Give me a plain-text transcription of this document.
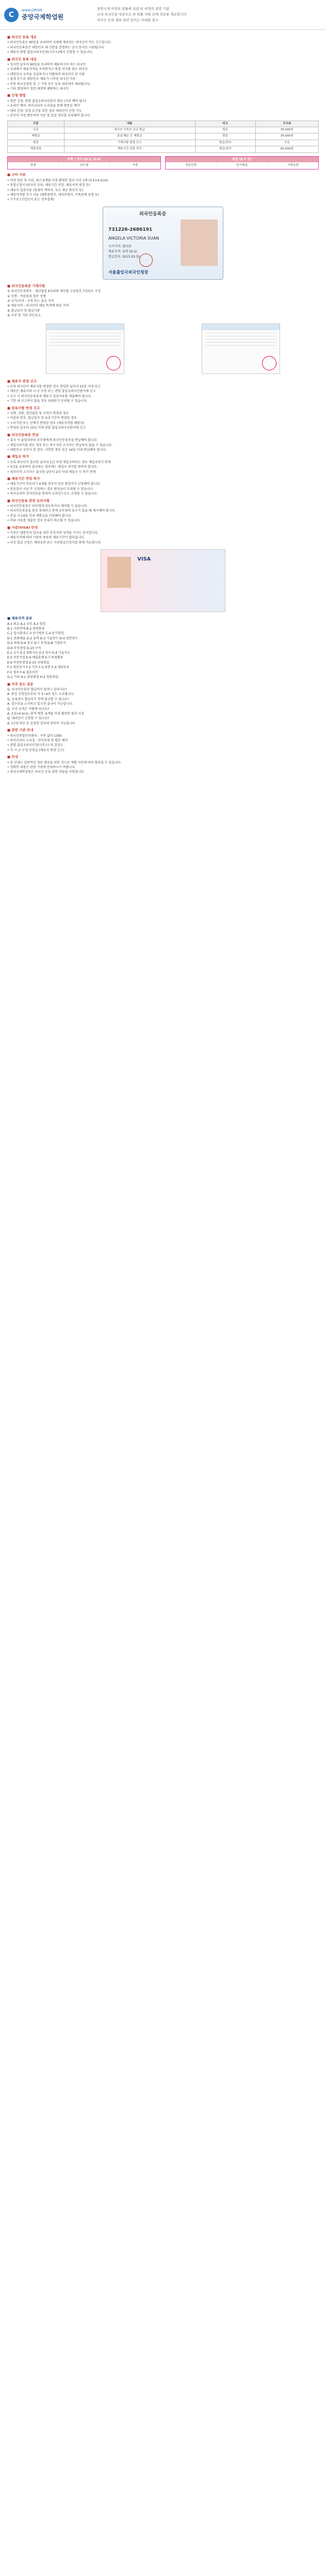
C
www.ORGN
중앙국제학업원
중앙국제 비영리 법률에 설립 된 비영리 중앙 기관
국내 외국인을 대상으로 한 법률 지원 단체 정보를 제공합니다
외국인 등록 체류 관련 문의는 아래를 참고
■ 외국인 등록 개요

• 외국인등록은 90일을 초과하여 국내에 체류하는 외국인이 하는 신고입니다.

• 외국인등록증은 대한민국 내 신분을 증명하는 공식 문서로 사용됩니다.

• 체류지 관할 출입국외국인청(사무소)에서 신청할 수 있습니다.

■ 외국인 등록 대상

• 입국한 날부터 90일을 초과하여 체류하고자 하는 외국인

• 국내에서 체류자격을 부여받거나 변경 허가를 받은 외국인

• 대한민국 국적을 상실하거나 이탈하여 외국인이 된 사람

• 출생 등으로 대한민국 체류가 시작된 외국인 아동

• 주한 외국공관원 및 그 가족 등은 등록 대상에서 제외됩니다.

• 기타 법령에서 정한 대상에 해당하는 외국인

■ 신청 방법

• 방문 신청: 관할 출입국외국인관서 방문 (사전 예약 필수)

• 온라인 예약: 하이코리아 누리집을 통해 방문일 예약

• 대리 신청: 일정 요건을 갖춘 경우 대리인이 신청 가능

• 본인이 직접 방문하여 지문 및 얼굴 정보를 등록해야 합니다.

구분	내용	비고	수수료
신규	외국인 등록증 신규 발급	방문	35,000원
재발급	분실·훼손 등 재발급	방문	35,000원
변경	기재사항 변경 신고	방문/전자	무료
체류연장	체류기간 연장 허가	방문/전자	60,000원
유학 / 연수 (D-2, D-4)
학생	연수생	가족
취업 (E-7 등)
전문인력	단기취업	가족동반
■ 구비 서류

• 여권 원본 및 사본, 최근 6개월 이내 촬영한 컬러 사진 1매 (3.5×4.5cm)

• 통합신청서 (외국인 등록, 체류기간 연장, 체류자격 변경 등)

• 체류지 입증서류 (임대차 계약서, 숙소 제공 확인서 등)

• 체류자격별 추가 서류 (재학증명서, 재직증명서, 가족관계 증명 등)

• 수수료 (수입인지 또는 전자결제)

외국인등록증
731226-2686191
ANGELA VICTORIA SUAN
국가지역: 필리핀
체류자격: 유학 (D-2)
발급일자: 2015.03.31
서울출입국외국인청장
■ 외국인등록증 기재사항

① 외국인등록번호 : 생년월일 6자리와 개인별 고유번호 7자리로 구성

② 성명 : 여권상의 영문 성명

③ 국가/지역 : 국적 또는 출신 지역

④ 체류자격 : 외국인의 체류 목적에 따른 자격

⑤ 발급일자 및 발급기관

⑥ 사진 및 기타 보안요소

■ 체류지 변경 신고

• 등록 외국인이 체류지를 변경한 경우 전입한 날부터 15일 이내 신고

• 새로운 체류지의 시·군·구청 또는 관할 출입국외국인관서에 신고

• 신고 시 외국인등록증과 체류지 입증서류를 제출해야 합니다.

• 기한 내 신고하지 않을 경우 과태료가 부과될 수 있습니다.

■ 등록사항 변경 신고

• 성명, 성별, 생년월일 및 국적이 변경된 경우

• 여권의 번호, 발급일자 및 유효기간이 변경된 경우

• 소속기관 또는 단체가 변경된 경우 (체류자격별 해당자)

• 변경된 날부터 15일 이내 관할 출입국외국인관서에 신고

■ 외국인등록증 반납

• 출국 시 출입국관리 공무원에게 외국인등록증을 반납해야 합니다.

• 재입국허가를 받은 경우 또는 복수사증 소지자는 반납하지 않을 수 있습니다.

• 대한민국 국민이 된 경우, 사망한 경우 등은 14일 이내 반납해야 합니다.

■ 재입국 허가

• 등록 외국인이 출국한 날부터 1년 이내 재입국하려는 경우 재입국허가 면제

• 1년을 초과하여 출국하는 경우에는 재입국 허가를 받아야 합니다.

• 영주자격 소지자는 출국한 날부터 2년 이내 재입국 시 허가 면제

■ 체류기간 연장 허가

• 체류기간이 만료되기 4개월 전부터 만료 당일까지 신청해야 합니다.

• 만료일이 지난 후 신청하는 경우 범칙금이 부과될 수 있습니다.

• 하이코리아 전자민원을 통하여 온라인으로도 신청할 수 있습니다.

■ 외국인등록 관련 유의사항

• 외국인등록증은 타인에게 양도하거나 대여할 수 없습니다.

• 외국인등록증을 항상 휴대하고 관계 공무원의 요구가 있을 때 제시해야 합니다.

• 분실 시 14일 이내 재발급을 신청해야 합니다.

• 허위 서류를 제출한 경우 등록이 취소될 수 있습니다.

■ 사증(VISA) 안내

• 사증은 대한민국 입국을 위한 추천서의 성격을 가지는 문서입니다.

• 체류자격에 따라 사증의 종류와 체류기간이 달라집니다.

• 사증 발급 신청은 재외공관 또는 사증발급인정서를 통해 가능합니다.

VISA
■ 체류자격 종류

A-1 외교 A-2 공무 A-3 협정

B-1 사증면제 B-2 관광통과

C-1 일시취재 C-3 단기방문 C-4 단기취업

D-1 문화예술 D-2 유학 D-3 기술연수 D-4 일반연수

D-5 취재 D-6 종교 D-7 주재 D-8 기업투자

D-9 무역경영 D-10 구직

E-1 교수 E-2 회화지도 E-3 연구 E-4 기술지도

E-5 전문직업 E-6 예술흥행 E-7 특정활동

E-9 비전문취업 E-10 선원취업

F-1 방문동거 F-2 거주 F-3 동반 F-4 재외동포

F-5 영주 F-6 결혼이민

G-1 기타 H-1 관광취업 H-2 방문취업

■ 자주 묻는 질문

Q. 외국인등록증 발급까지 얼마나 걸리나요?

A. 통상 신청일로부터 약 3~4주 정도 소요됩니다.

Q. 등록증이 발급되기 전에 출국할 수 있나요?

A. 접수증을 소지하고 있으면 출국이 가능합니다.

Q. 사진 규격은 어떻게 되나요?

A. 3.5×4.5cm, 흰색 배경, 6개월 이내 촬영한 컬러 사진

Q. 대리인이 신청할 수 있나요?

A. 17세 미만 등 일정한 경우에 한하여 가능합니다.

■ 관련 기관 안내

• 외국인종합안내센터 : 국번 없이 1345

• 하이코리아 누리집 : 전자민원 및 방문 예약

• 관할 출입국외국인청(사무소) 및 출장소

• 각 시·군·구청 민원실 (체류지 변경 신고)

■ 안내

• 본 안내는 일반적인 정보 제공을 위한 것으로 개별 사안에 따라 달라질 수 있습니다.

• 정확한 내용은 관할 기관에 문의하시기 바랍니다.

• 중앙국제학업원은 외국인 등록 관련 상담을 지원합니다.
